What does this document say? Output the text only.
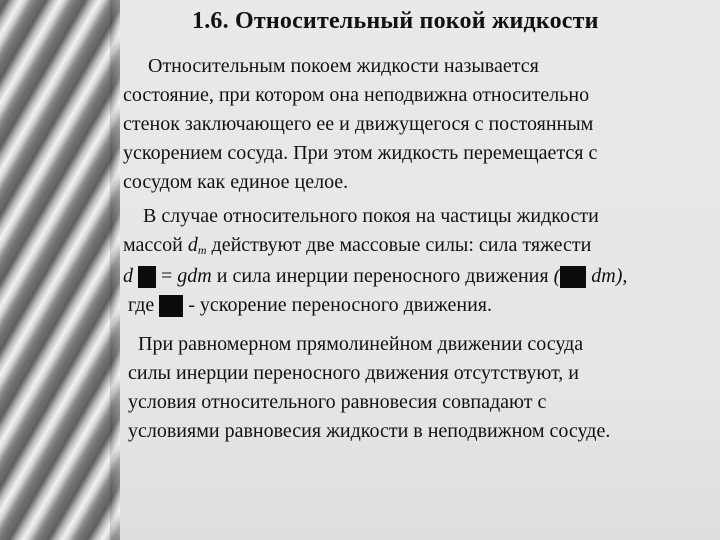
1.6. Относительный покой жидкости
Относительным покоем жидкости называется
состояние, при котором она неподвижна относительно
стенок заключающего ее и движущегося с постоянным
ускорением сосуда. При этом жидкость перемещается с
сосудом как единое целое.
В случае относительного покоя на частицы жидкости
массой dm действуют две массовые силы: сила тяжести
d  = gdm и сила инерции переносного движения ( dm),
где  - ускорение переносного движения.
При равномерном прямолинейном движении сосуда
силы инерции переносного движения отсутствуют, и
условия относительного равновесия совпадают с
условиями равновесия жидкости в неподвижном сосуде.
